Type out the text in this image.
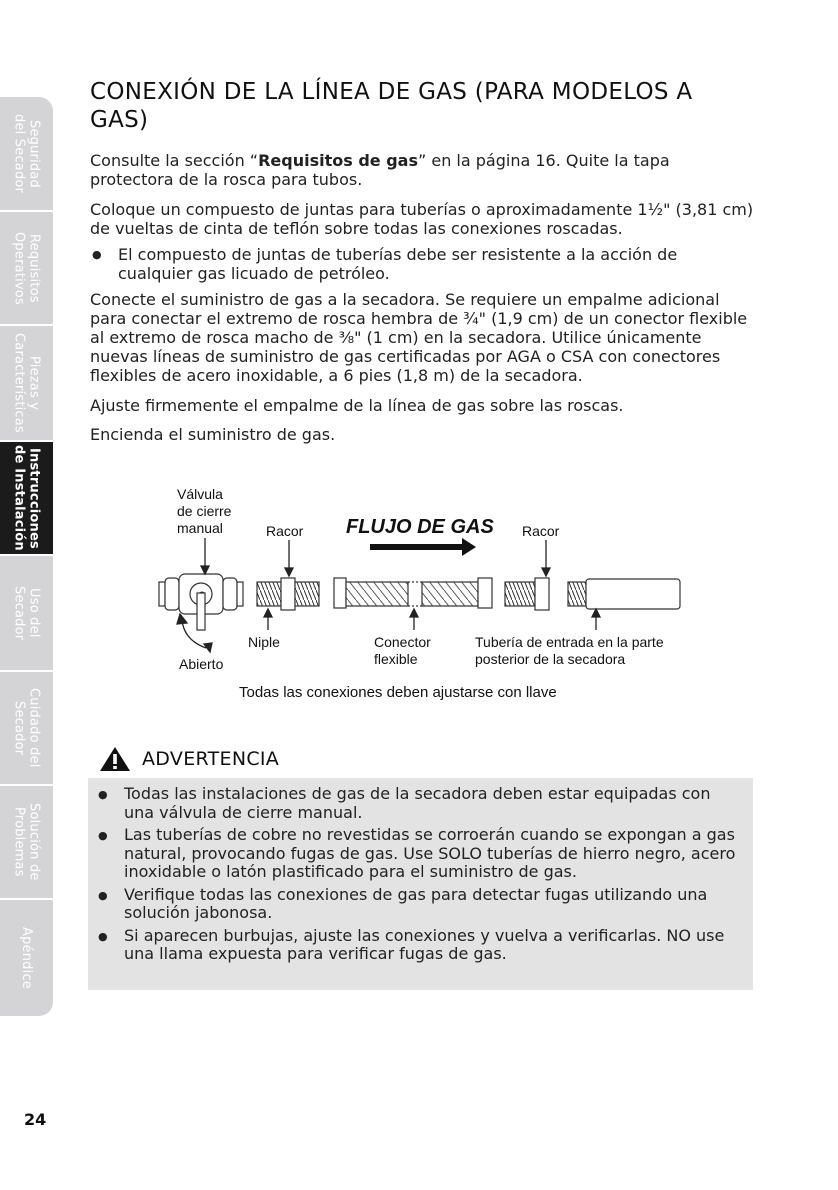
Seguridad
del Secador
Requisitos
Operativos
Piezas y
Características
Instrucciones
de Instalación
Uso del
Secador
Cuidado del
Secador
Solución de
Problemas
Apéndice
CONEXIÓN DE LA LÍNEA DE GAS (PARA MODELOS A GAS)

Consulte la sección “Requisitos de gas” en la página 16. Quite la tapa protectora de la rosca para tubos.

Coloque un compuesto de juntas para tuberías o aproximadamente 1½" (3,81 cm) de vueltas de cinta de teflón sobre todas las conexiones roscadas.

● El compuesto de juntas de tuberías debe ser resistente a la acción de cualquier gas licuado de petróleo.

Conecte el suministro de gas a la secadora. Se requiere un empalme adicional para conectar el extremo de rosca hembra de ¾" (1,9 cm) de un conector flexible al extremo de rosca macho de ⅜" (1 cm) en la secadora. Utilice únicamente nuevas líneas de suministro de gas certificadas por AGA o CSA con conectores flexibles de acero inoxidable, a 6 pies (1,8 m) de la secadora.

Ajuste firmemente el empalme de la línea de gas sobre las roscas.

Encienda el suministro de gas.

Válvula
de cierre
manual	Racor FLUJO DE GAS Racor
Niple	Conector
flexible
Tubería de entrada en la parte
posterior de la secadora
Abierto
Todas las conexiones deben ajustarse con llave
ADVERTENCIA
● Todas las instalaciones de gas de la secadora deben estar equipadas con una válvula de cierre manual.
● Las tuberías de cobre no revestidas se corroerán cuando se expongan a gas natural, provocando fugas de gas. Use SOLO tuberías de hierro negro, acero inoxidable o latón plastificado para el suministro de gas.
● Verifique todas las conexiones de gas para detectar fugas utilizando una solución jabonosa.
● Si aparecen burbujas, ajuste las conexiones y vuelva a verificarlas. NO use una llama expuesta para verificar fugas de gas.
24
